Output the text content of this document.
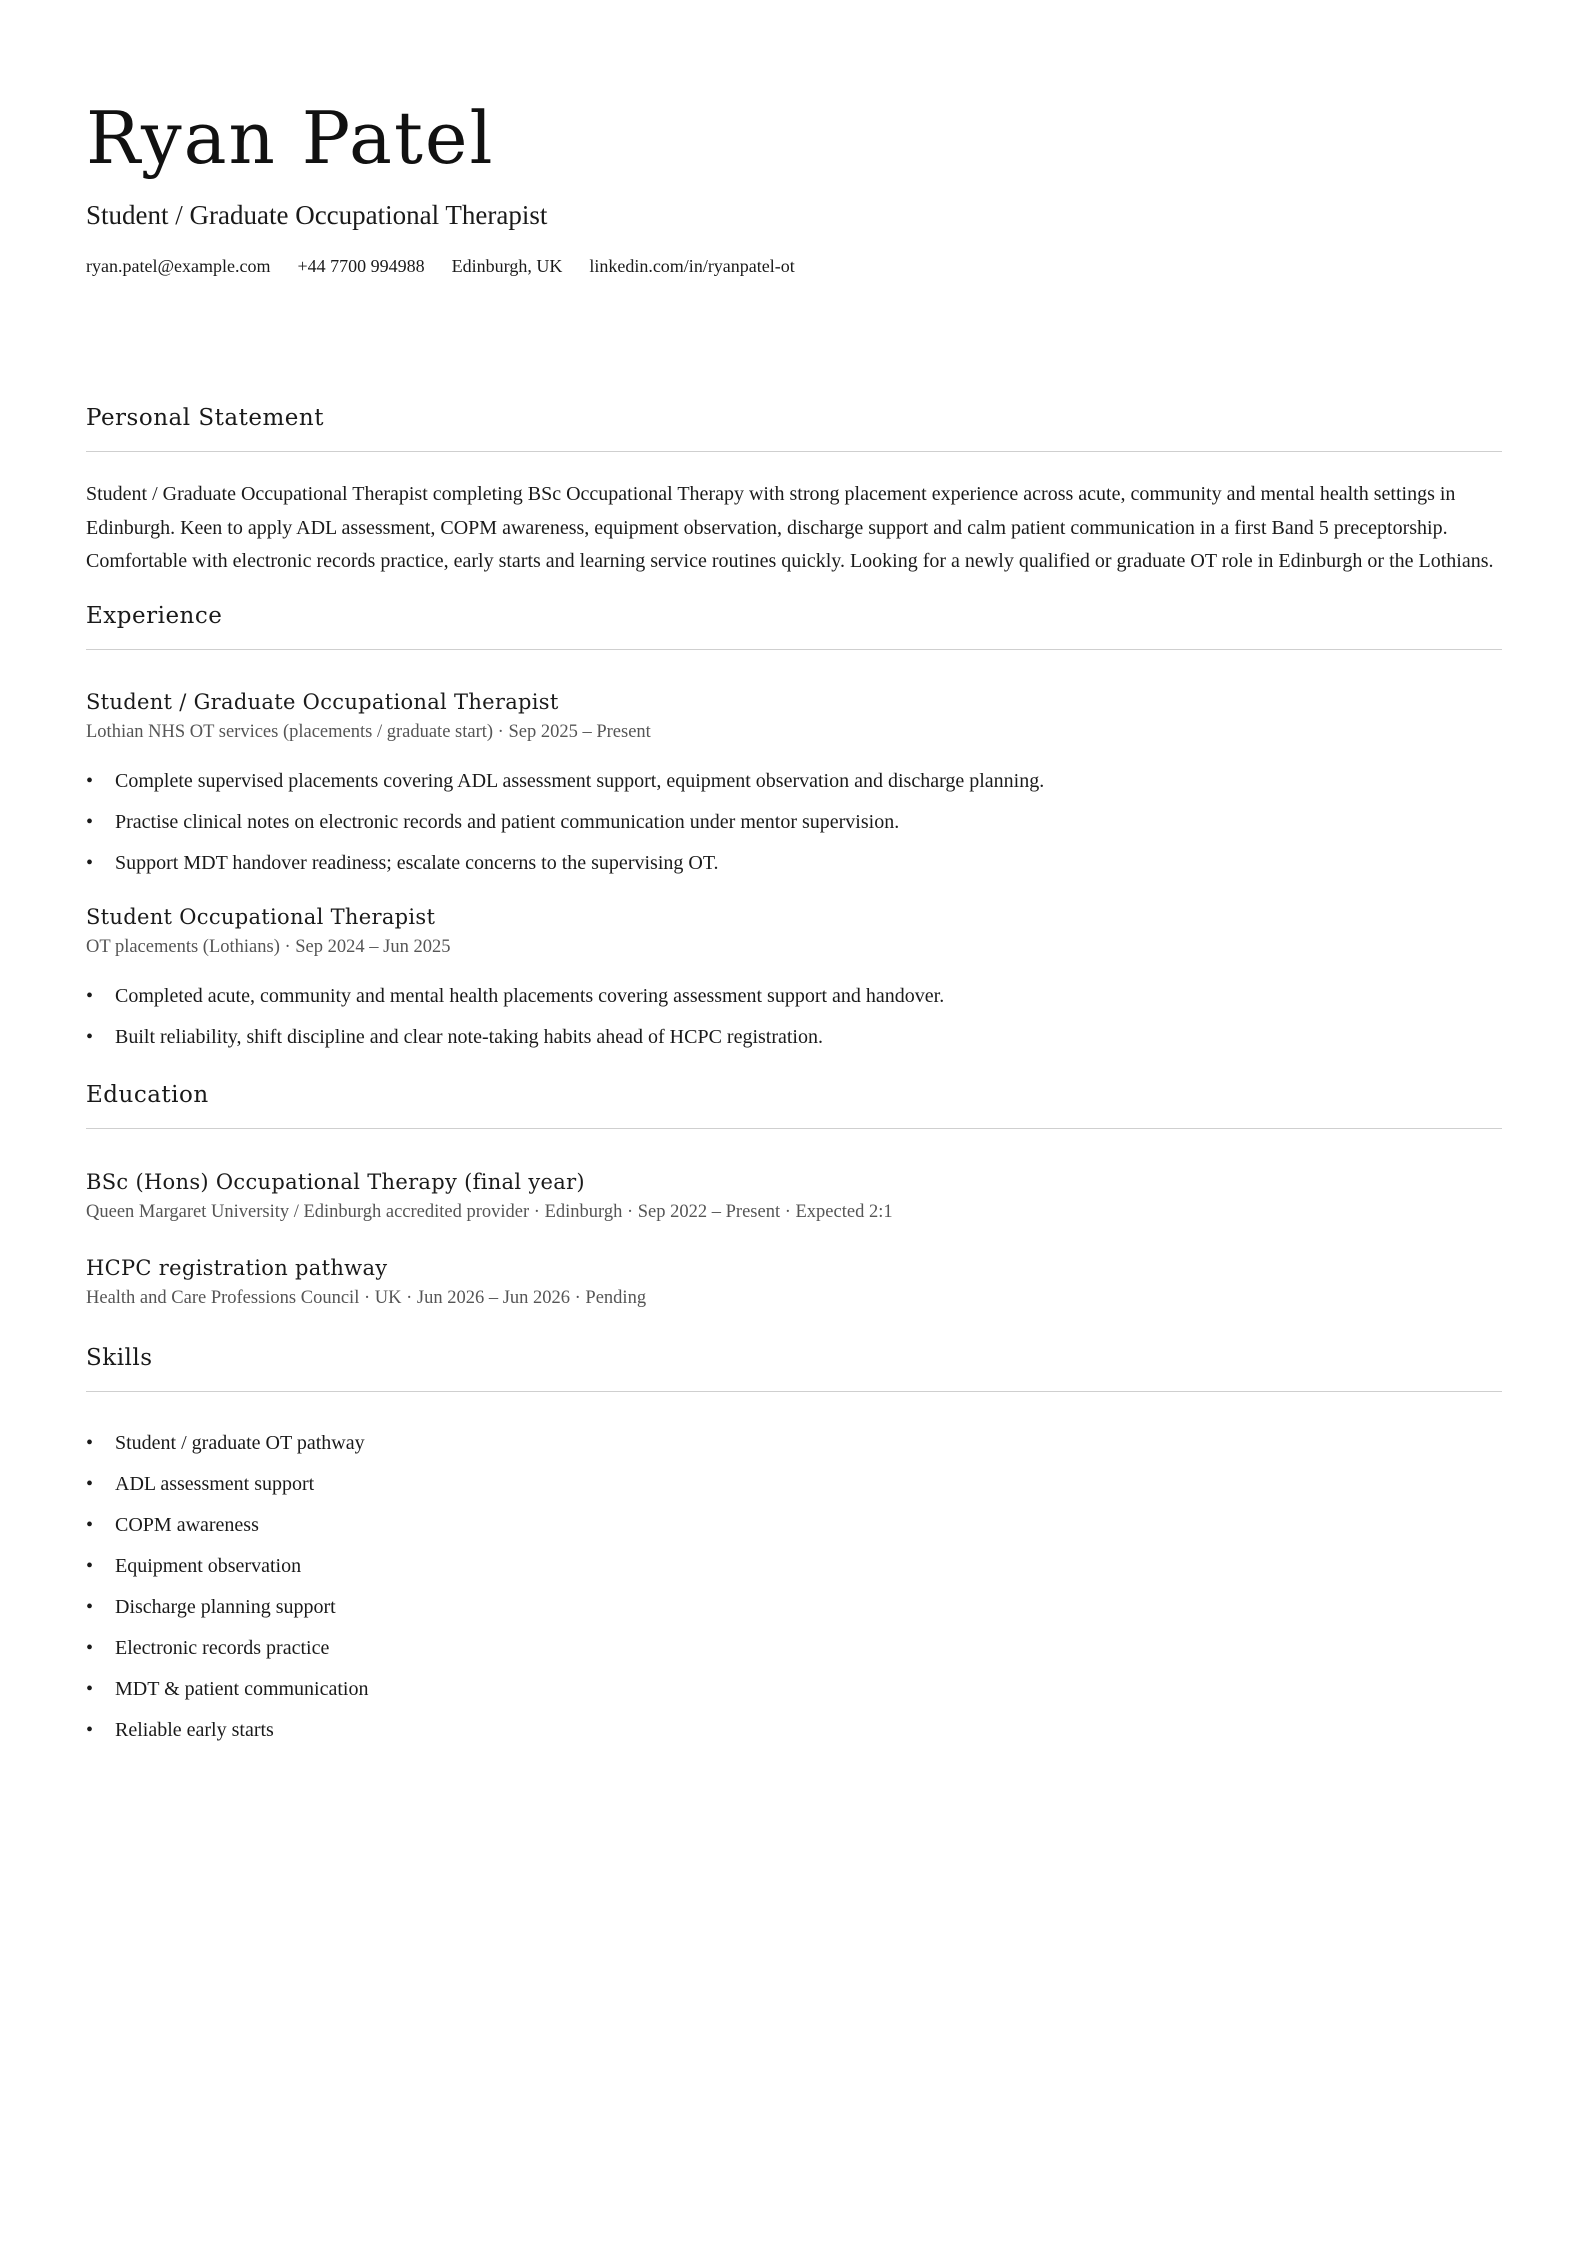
Ryan Patel
Student / Graduate Occupational Therapist
ryan.patel@example.com +44 7700 994988 Edinburgh, UK linkedin.com/in/ryanpatel-ot
Personal Statement

Student / Graduate Occupational Therapist completing BSc Occupational Therapy with strong placement experience across acute, community and mental health settings in Edinburgh. Keen to apply ADL assessment, COPM awareness, equipment observation, discharge support and calm patient communication in a first Band 5 preceptorship. Comfortable with electronic records practice, early starts and learning service routines quickly. Looking for a newly qualified or graduate OT role in Edinburgh or the Lothians.

Experience
Student / Graduate Occupational Therapist
Lothian NHS OT services (placements / graduate start) · Sep 2025 – Present
• Complete supervised placements covering ADL assessment support, equipment observation and discharge planning.
• Practise clinical notes on electronic records and patient communication under mentor supervision.
• Support MDT handover readiness; escalate concerns to the supervising OT.
Student Occupational Therapist
OT placements (Lothians) · Sep 2024 – Jun 2025
• Completed acute, community and mental health placements covering assessment support and handover.
• Built reliability, shift discipline and clear note-taking habits ahead of HCPC registration.
Education
BSc (Hons) Occupational Therapy (final year)
Queen Margaret University / Edinburgh accredited provider · Edinburgh · Sep 2022 – Present · Expected 2:1
HCPC registration pathway
Health and Care Professions Council · UK · Jun 2026 – Jun 2026 · Pending
Skills
• Student / graduate OT pathway
• ADL assessment support
• COPM awareness
• Equipment observation
• Discharge planning support
• Electronic records practice
• MDT & patient communication
• Reliable early starts
